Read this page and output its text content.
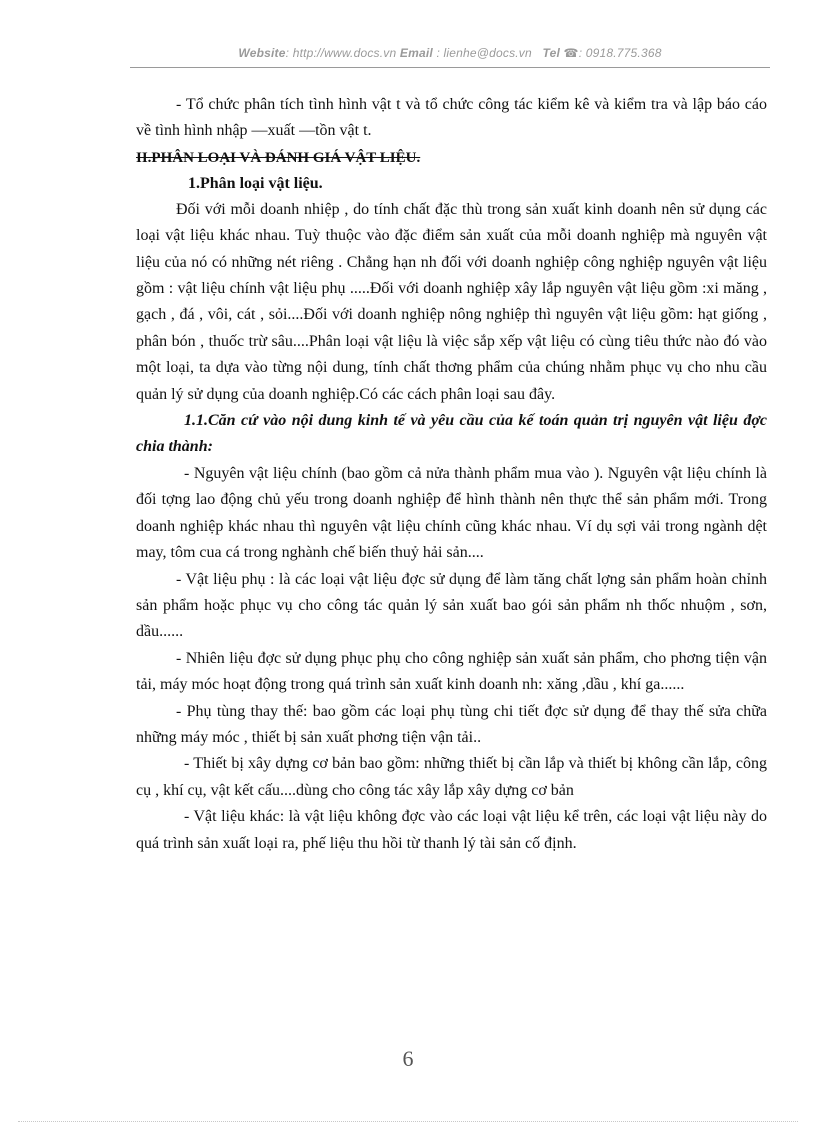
Website: http://www.docs.vn Email : lienhe@docs.vn Tel ☎: 0918.775.368

- Tổ chức phân tích tình hình vật t và tổ chức công tác kiểm kê và kiểm tra và lập báo cáo về tình hình nhập —xuất —tồn vật t.

II.PHÂN LOẠI VÀ ĐÁNH GIÁ VẬT LIỆU.

1.Phân loại vật liệu.

Đối với mỗi doanh nhiệp , do tính chất đặc thù trong sản xuất kinh doanh nên sử dụng các loại vật liệu khác nhau. Tuỳ thuộc vào đặc điểm sản xuất của mỗi doanh nghiệp mà nguyên vật liệu của nó có những nét riêng . Chẳng hạn nh đối với doanh nghiệp công nghiệp nguyên vật liệu gồm : vật liệu chính vật liệu phụ .....Đối với doanh nghiệp xây lắp nguyên vật liệu gồm :xi măng , gạch , đá , vôi, cát , sỏi....Đối với doanh nghiệp nông nghiệp thì nguyên vật liệu gồm: hạt giống , phân bón , thuốc trừ sâu....Phân loại vật liệu là việc sắp xếp vật liệu có cùng tiêu thức nào đó vào một loại, ta dựa vào từng nội dung, tính chất thơng phẩm của chúng nhằm phục vụ cho nhu cầu quản lý sử dụng của doanh nghiệp.Có các cách phân loại sau đây.

1.1.Căn cứ vào nội dung kinh tế và yêu cầu của kế toán quản trị nguyên vật liệu đợc chia thành:

- Nguyên vật liệu chính (bao gồm cả nửa thành phẩm mua vào ). Nguyên vật liệu chính là đối tợng lao động chủ yếu trong doanh nghiệp để hình thành nên thực thể sản phẩm mới. Trong doanh nghiệp khác nhau thì nguyên vật liệu chính cũng khác nhau. Ví dụ sợi vải trong ngành dệt may, tôm cua cá trong nghành chế biến thuỷ hải sản....

- Vật liệu phụ : là các loại vật liệu đợc sử dụng để làm tăng chất lợng sản phẩm hoàn chỉnh sản phẩm hoặc phục vụ cho công tác quản lý sản xuất bao gói sản phẩm nh thốc nhuộm , sơn, dầu......

- Nhiên liệu đợc sử dụng phục phụ cho công nghiệp sản xuất sản phẩm, cho phơng tiện vận tải, máy móc hoạt động trong quá trình sản xuất kinh doanh nh: xăng ,dầu , khí ga......

- Phụ tùng thay thế: bao gồm các loại phụ tùng chi tiết đợc sử dụng để thay thế sửa chữa những máy móc , thiết bị sản xuất phơng tiện vận tải..

- Thiết bị xây dựng cơ bản bao gồm: những thiết bị cần lắp và thiết bị không cần lắp, công cụ , khí cụ, vật kết cấu....dùng cho công tác xây lắp xây dựng cơ bản

- Vật liệu khác: là vật liệu không đợc vào các loại vật liệu kể trên, các loại vật liệu này do quá trình sản xuất loại ra, phế liệu thu hồi từ thanh lý tài sản cố định.

6
